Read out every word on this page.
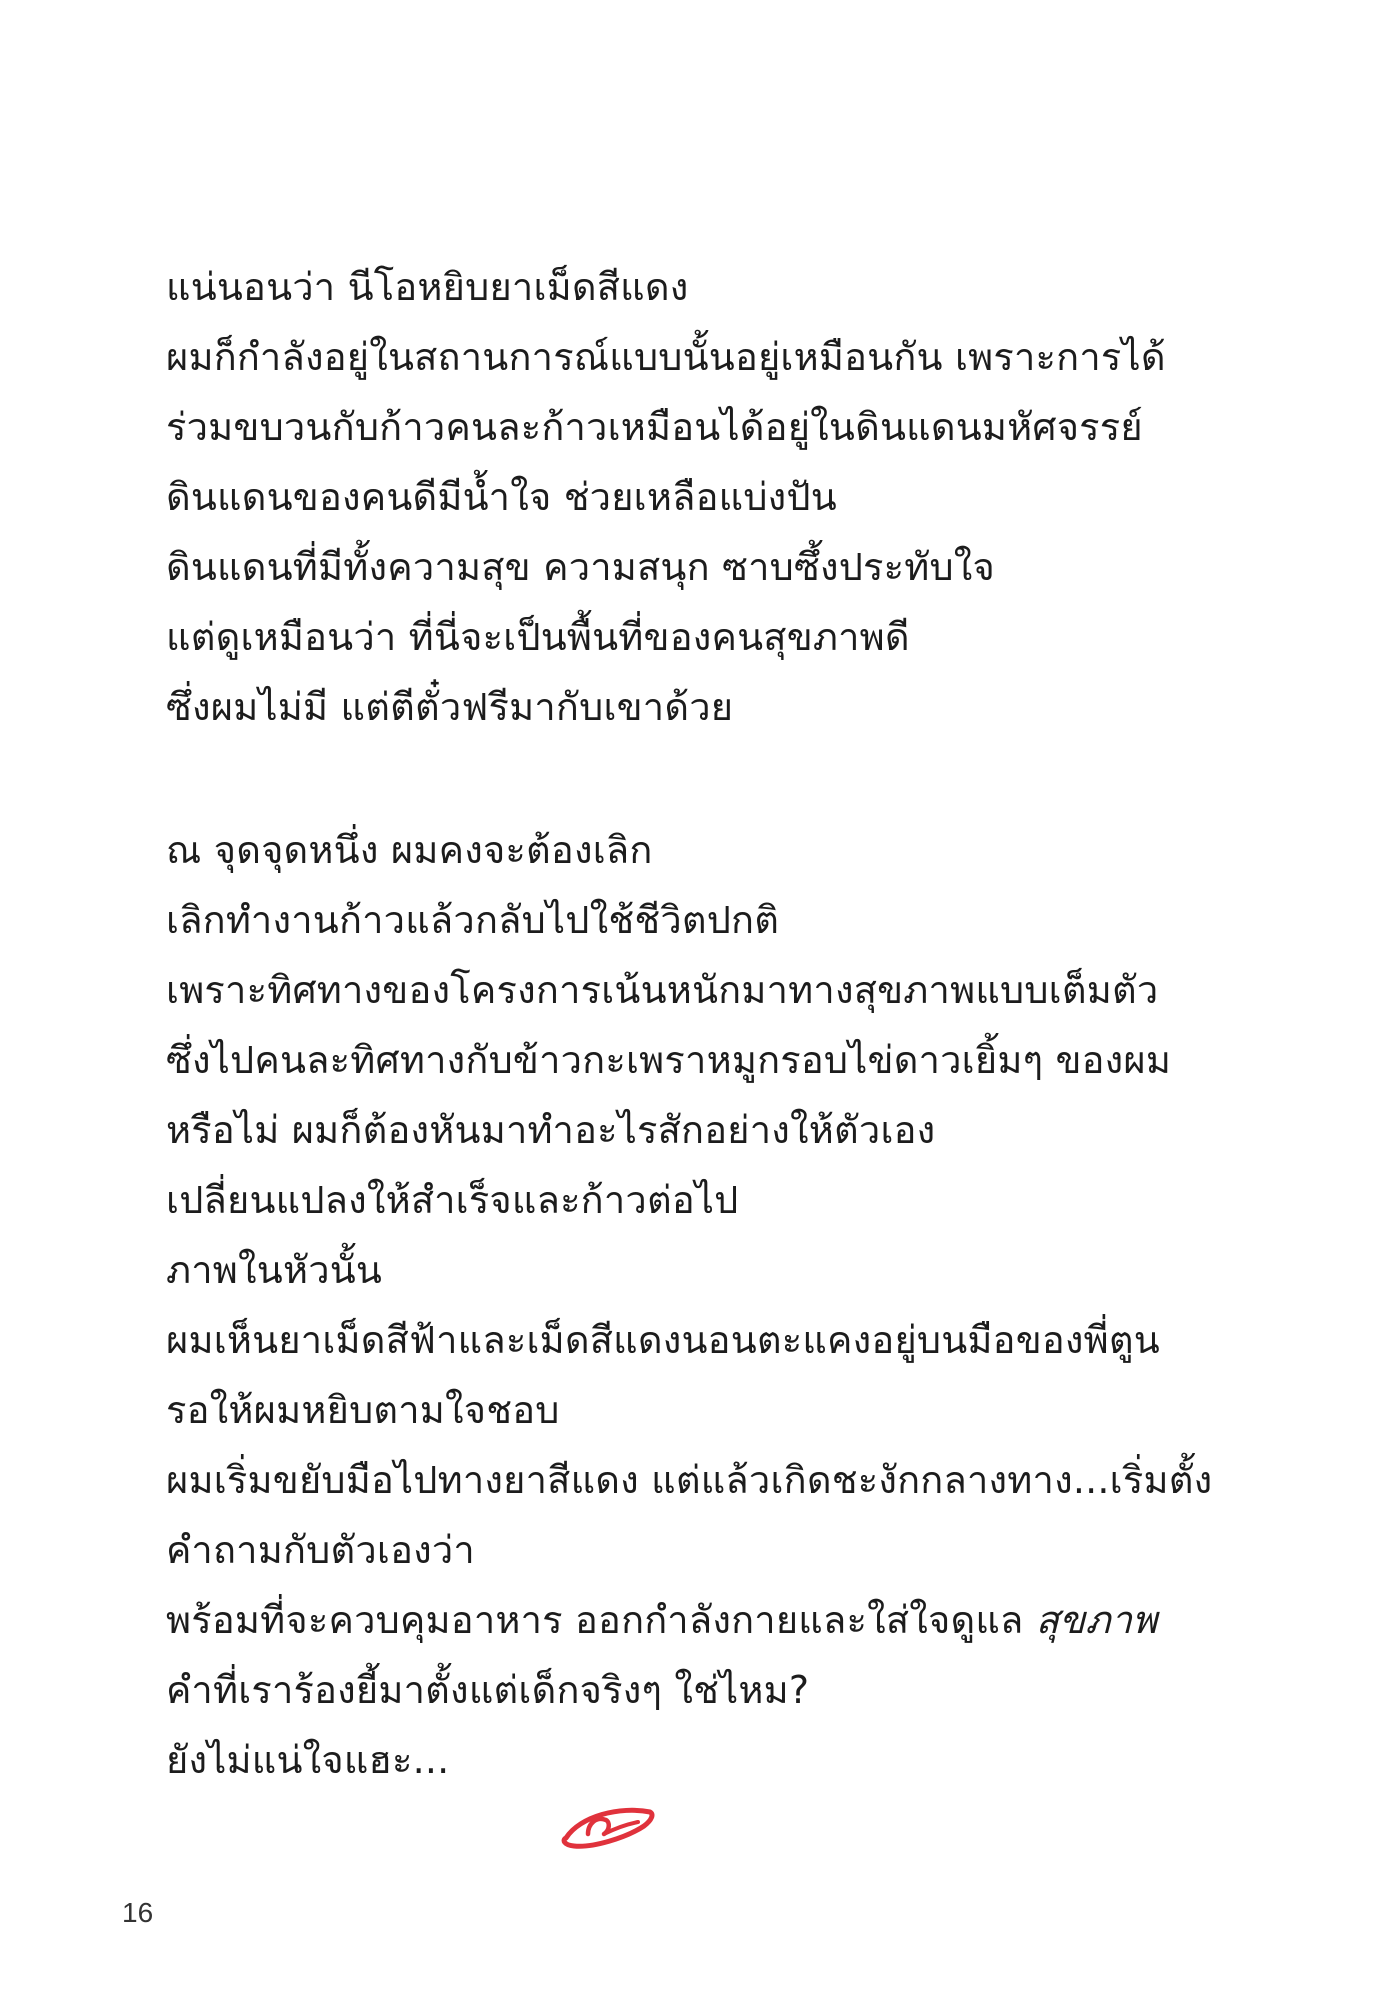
แน่นอนว่า นีโอหยิบยาเม็ดสีแดง
ผมก็กำลังอยู่ในสถานการณ์แบบนั้นอยู่เหมือนกัน เพราะการได้
ร่วมขบวนกับก้าวคนละก้าวเหมือนได้อยู่ในดินแดนมหัศจรรย์
ดินแดนของคนดีมีน้ำใจ ช่วยเหลือแบ่งปัน
ดินแดนที่มีทั้งความสุข ความสนุก ซาบซึ้งประทับใจ
แต่ดูเหมือนว่า ที่นี่จะเป็นพื้นที่ของคนสุขภาพดี
ซึ่งผมไม่มี แต่ตีตั๋วฟรีมากับเขาด้วย
ณ จุดจุดหนึ่ง ผมคงจะต้องเลิก
เลิกทำงานก้าวแล้วกลับไปใช้ชีวิตปกติ
เพราะทิศทางของโครงการเน้นหนักมาทางสุขภาพแบบเต็มตัว
ซึ่งไปคนละทิศทางกับข้าวกะเพราหมูกรอบไข่ดาวเยิ้มๆ ของผม
หรือไม่ ผมก็ต้องหันมาทำอะไรสักอย่างให้ตัวเอง
เปลี่ยนแปลงให้สำเร็จและก้าวต่อไป
ภาพในหัวนั้น
ผมเห็นยาเม็ดสีฟ้าและเม็ดสีแดงนอนตะแคงอยู่บนมือของพี่ตูน
รอให้ผมหยิบตามใจชอบ
ผมเริ่มขยับมือไปทางยาสีแดง แต่แล้วเกิดชะงักกลางทาง...เริ่มตั้ง
คำถามกับตัวเองว่า
พร้อมที่จะควบคุมอาหาร ออกกำลังกายและใส่ใจดูแล สุขภาพ
คำที่เราร้องยี้มาตั้งแต่เด็กจริงๆ ใช่ไหม?
ยังไม่แน่ใจแฮะ...
16
